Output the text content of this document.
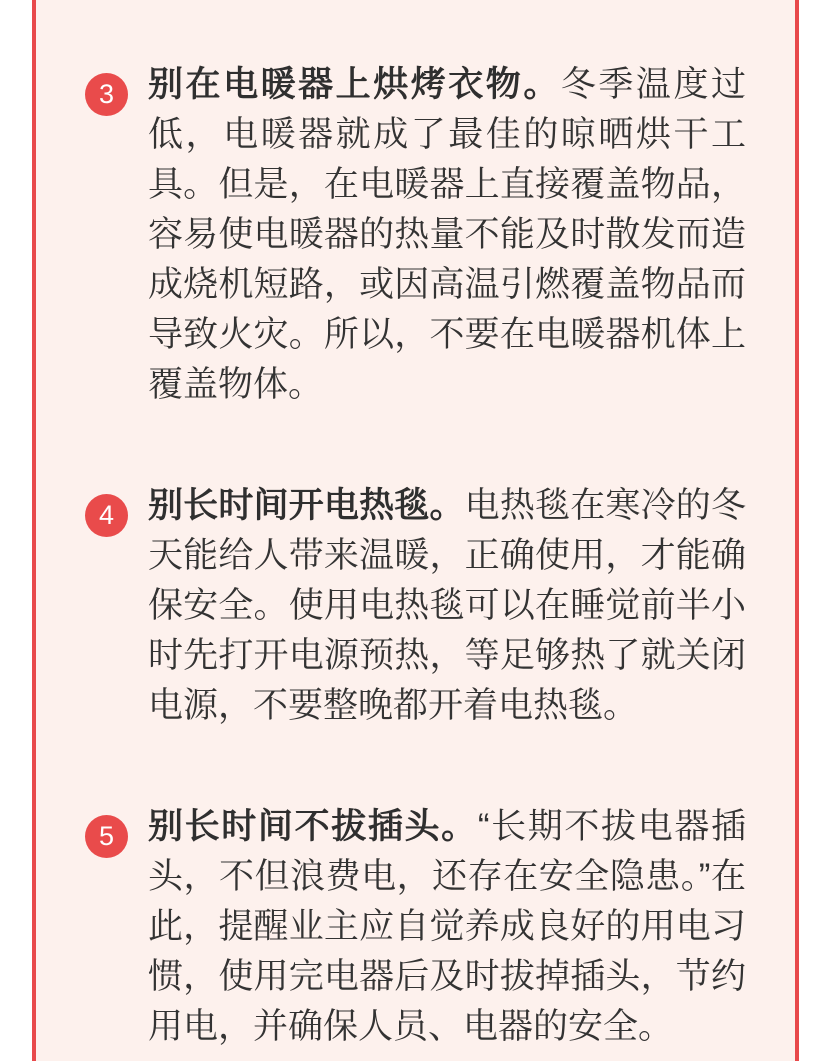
3 别在电暖器上烘烤衣物。冬季温度过低，电暖器就成了最佳的晾晒烘干工具。但是，在电暖器上直接覆盖物品，容易使电暖器的热量不能及时散发而造成烧机短路，或因高温引燃覆盖物品而导致火灾。所以，不要在电暖器机体上覆盖物体。

4 别长时间开电热毯。电热毯在寒冷的冬天能给人带来温暖，正确使用，才能确保安全。使用电热毯可以在睡觉前半小时先打开电源预热，等足够热了就关闭电源，不要整晚都开着电热毯。

5 别长时间不拔插头。“长期不拔电器插头，不但浪费电，还存在安全隐患。”在此，提醒业主应自觉养成良好的用电习惯，使用完电器后及时拔掉插头，节约用电，并确保人员、电器的安全。
